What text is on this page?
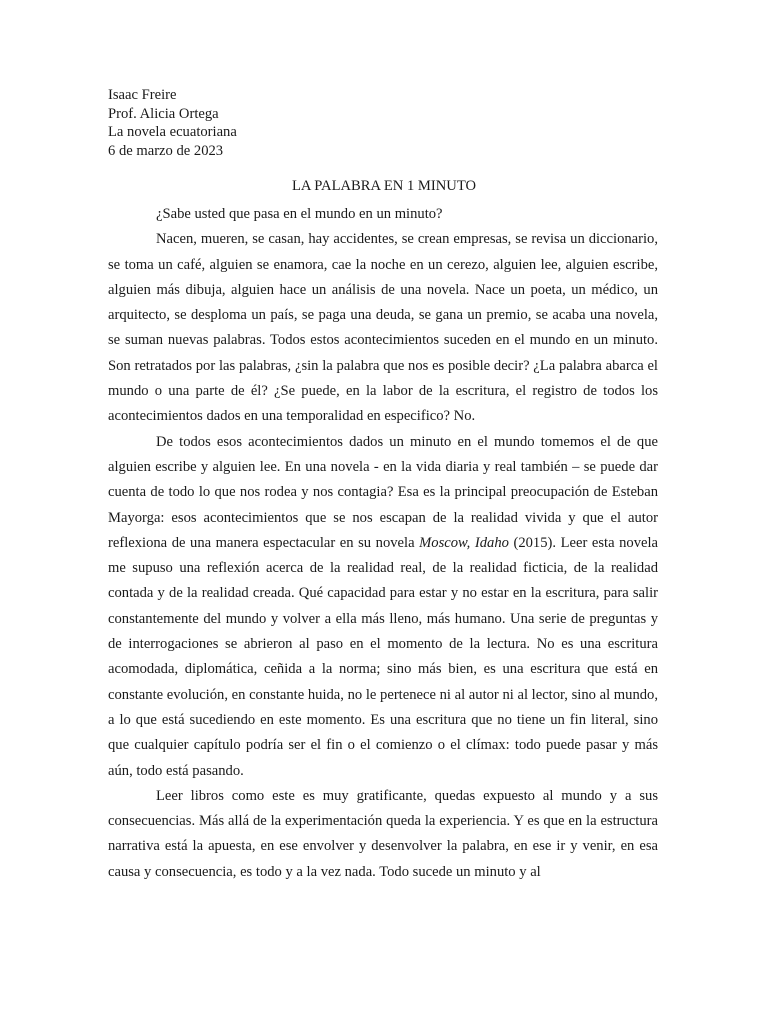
Isaac Freire
Prof. Alicia Ortega
La novela ecuatoriana
6 de marzo de 2023
LA PALABRA EN 1 MINUTO

¿Sabe usted que pasa en el mundo en un minuto?

Nacen, mueren, se casan, hay accidentes, se crean empresas, se revisa un diccionario, se toma un café, alguien se enamora, cae la noche en un cerezo, alguien lee, alguien escribe, alguien más dibuja, alguien hace un análisis de una novela. Nace un poeta, un médico, un arquitecto, se desploma un país, se paga una deuda, se gana un premio, se acaba una novela, se suman nuevas palabras. Todos estos acontecimientos suceden en el mundo en un minuto. Son retratados por las palabras, ¿sin la palabra que nos es posible decir? ¿La palabra abarca el mundo o una parte de él? ¿Se puede, en la labor de la escritura, el registro de todos los acontecimientos dados en una temporalidad en especifico? No.

De todos esos acontecimientos dados un minuto en el mundo tomemos el de que alguien escribe y alguien lee. En una novela - en la vida diaria y real también – se puede dar cuenta de todo lo que nos rodea y nos contagia? Esa es la principal preocupación de Esteban Mayorga: esos acontecimientos que se nos escapan de la realidad vivida y que el autor reflexiona de una manera espectacular en su novela Moscow, Idaho (2015). Leer esta novela me supuso una reflexión acerca de la realidad real, de la realidad ficticia, de la realidad contada y de la realidad creada. Qué capacidad para estar y no estar en la escritura, para salir constantemente del mundo y volver a ella más lleno, más humano. Una serie de preguntas y de interrogaciones se abrieron al paso en el momento de la lectura. No es una escritura acomodada, diplomática, ceñida a la norma; sino más bien, es una escritura que está en constante evolución, en constante huida, no le pertenece ni al autor ni al lector, sino al mundo, a lo que está sucediendo en este momento. Es una escritura que no tiene un fin literal, sino que cualquier capítulo podría ser el fin o el comienzo o el clímax: todo puede pasar y más aún, todo está pasando.

Leer libros como este es muy gratificante, quedas expuesto al mundo y a sus consecuencias. Más allá de la experimentación queda la experiencia. Y es que en la estructura narrativa está la apuesta, en ese envolver y desenvolver la palabra, en ese ir y venir, en esa causa y consecuencia, es todo y a la vez nada. Todo sucede un minuto y al
